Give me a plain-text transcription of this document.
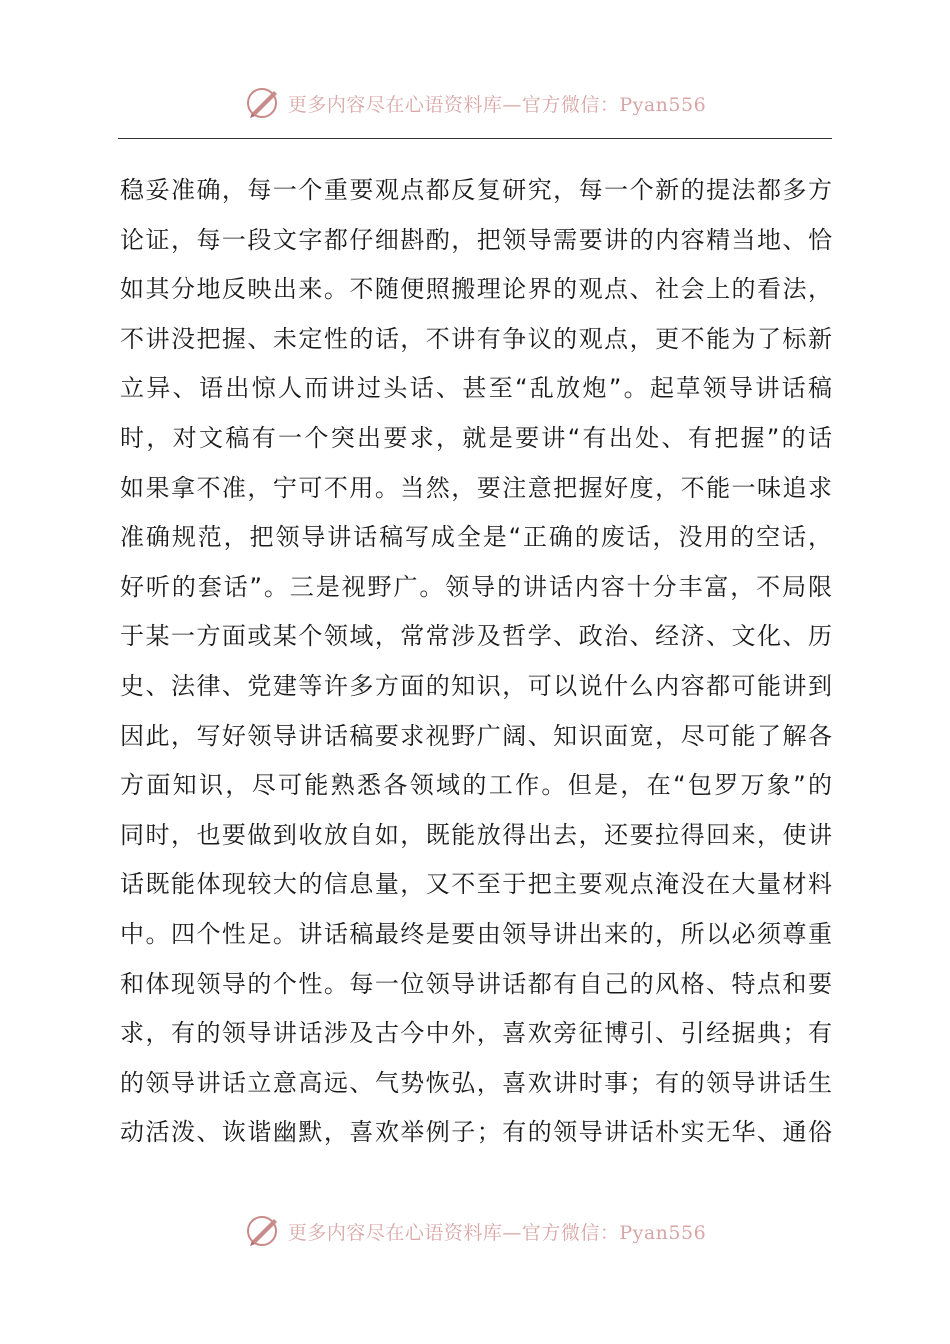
更多内容尽在心语资料库—官方微信：Pyan556
稳妥准确，每一个重要观点都反复研究，每一个新的提法都多方
论证，每一段文字都仔细斟酌，把领导需要讲的内容精当地、恰
如其分地反映出来。不随便照搬理论界的观点、社会上的看法，
不讲没把握、未定性的话，不讲有争议的观点，更不能为了标新
立异、语出惊人而讲过头话、甚至“乱放炮”。起草领导讲话稿
时，对文稿有一个突出要求，就是要讲“有出处、有把握”的话
如果拿不准，宁可不用。当然，要注意把握好度，不能一味追求
准确规范，把领导讲话稿写成全是“正确的废话，没用的空话，
好听的套话”。三是视野广。领导的讲话内容十分丰富，不局限
于某一方面或某个领域，常常涉及哲学、政治、经济、文化、历
史、法律、党建等许多方面的知识，可以说什么内容都可能讲到
因此，写好领导讲话稿要求视野广阔、知识面宽，尽可能了解各
方面知识，尽可能熟悉各领域的工作。但是，在“包罗万象”的
同时，也要做到收放自如，既能放得出去，还要拉得回来，使讲
话既能体现较大的信息量，又不至于把主要观点淹没在大量材料
中。四个性足。讲话稿最终是要由领导讲出来的，所以必须尊重
和体现领导的个性。每一位领导讲话都有自己的风格、特点和要
求，有的领导讲话涉及古今中外，喜欢旁征博引、引经据典；有
的领导讲话立意高远、气势恢弘，喜欢讲时事；有的领导讲话生
动活泼、诙谐幽默，喜欢举例子；有的领导讲话朴实无华、通俗
更多内容尽在心语资料库—官方微信：Pyan556
